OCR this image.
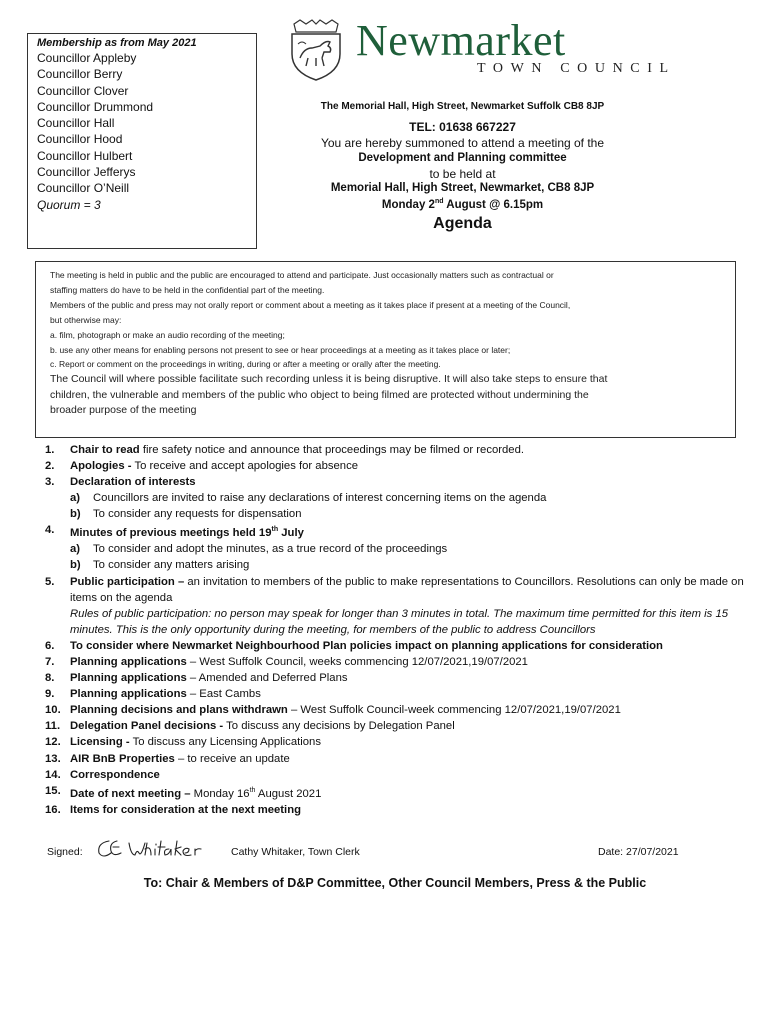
Membership as from May 2021
Councillor Appleby
Councillor Berry
Councillor Clover
Councillor Drummond
Councillor Hall
Councillor Hood
Councillor Hulbert
Councillor Jefferys
Councillor O’Neill
Quorum = 3
Newmarket
TOWN COUNCIL
The Memorial Hall, High Street, Newmarket Suffolk CB8 8JP
TEL: 01638 667227
You are hereby summoned to attend a meeting of the
Development and Planning committee
to be held at
Memorial Hall, High Street, Newmarket, CB8 8JP
Monday 2nd August @ 6.15pm
Agenda
The meeting is held in public and the public are encouraged to attend and participate. Just occasionally matters such as contractual or
staffing matters do have to be held in the confidential part of the meeting.
Members of the public and press may not orally report or comment about a meeting as it takes place if present at a meeting of the Council,
but otherwise may:
a. film, photograph or make an audio recording of the meeting;
b. use any other means for enabling persons not present to see or hear proceedings at a meeting as it takes place or later;
c. Report or comment on the proceedings in writing, during or after a meeting or orally after the meeting.
The Council will where possible facilitate such recording unless it is being disruptive. It will also take steps to ensure that
children, the vulnerable and members of the public who object to being filmed are protected without undermining the
broader purpose of the meeting
1.	Chair to read fire safety notice and announce that proceedings may be filmed or recorded.
2.	Apologies - To receive and accept apologies for absence
3.	Declaration of interests
a)	Councillors are invited to raise any declarations of interest concerning items on the agenda
b)	To consider any requests for dispensation
4.	Minutes of previous meetings held 19th July
a)	To consider and adopt the minutes, as a true record of the proceedings
b)	To consider any matters arising
5.	Public participation – an invitation to members of the public to make representations to Councillors. Resolutions can only be made on items on the agenda
Rules of public participation: no person may speak for longer than 3 minutes in total. The maximum time permitted for this item is 15 minutes. This is the only opportunity during the meeting, for members of the public to address Councillors
6.	To consider where Newmarket Neighbourhood Plan policies impact on planning applications for consideration
7.	Planning applications – West Suffolk Council, weeks commencing 12/07/2021,19/07/2021
8.	Planning applications – Amended and Deferred Plans
9.	Planning applications – East Cambs
10. Planning decisions and plans withdrawn – West Suffolk Council-week commencing 12/07/2021,19/07/2021
11. Delegation Panel decisions - To discuss any decisions by Delegation Panel
12. Licensing - To discuss any Licensing Applications
13. AIR BnB Properties – to receive an update
14. Correspondence
15. Date of next meeting – Monday 16th August 2021
16. Items for consideration at the next meeting
Signed:	Cathy Whitaker, Town Clerk	Date: 27/07/2021
To: Chair & Members of D&P Committee, Other Council Members, Press & the Public
